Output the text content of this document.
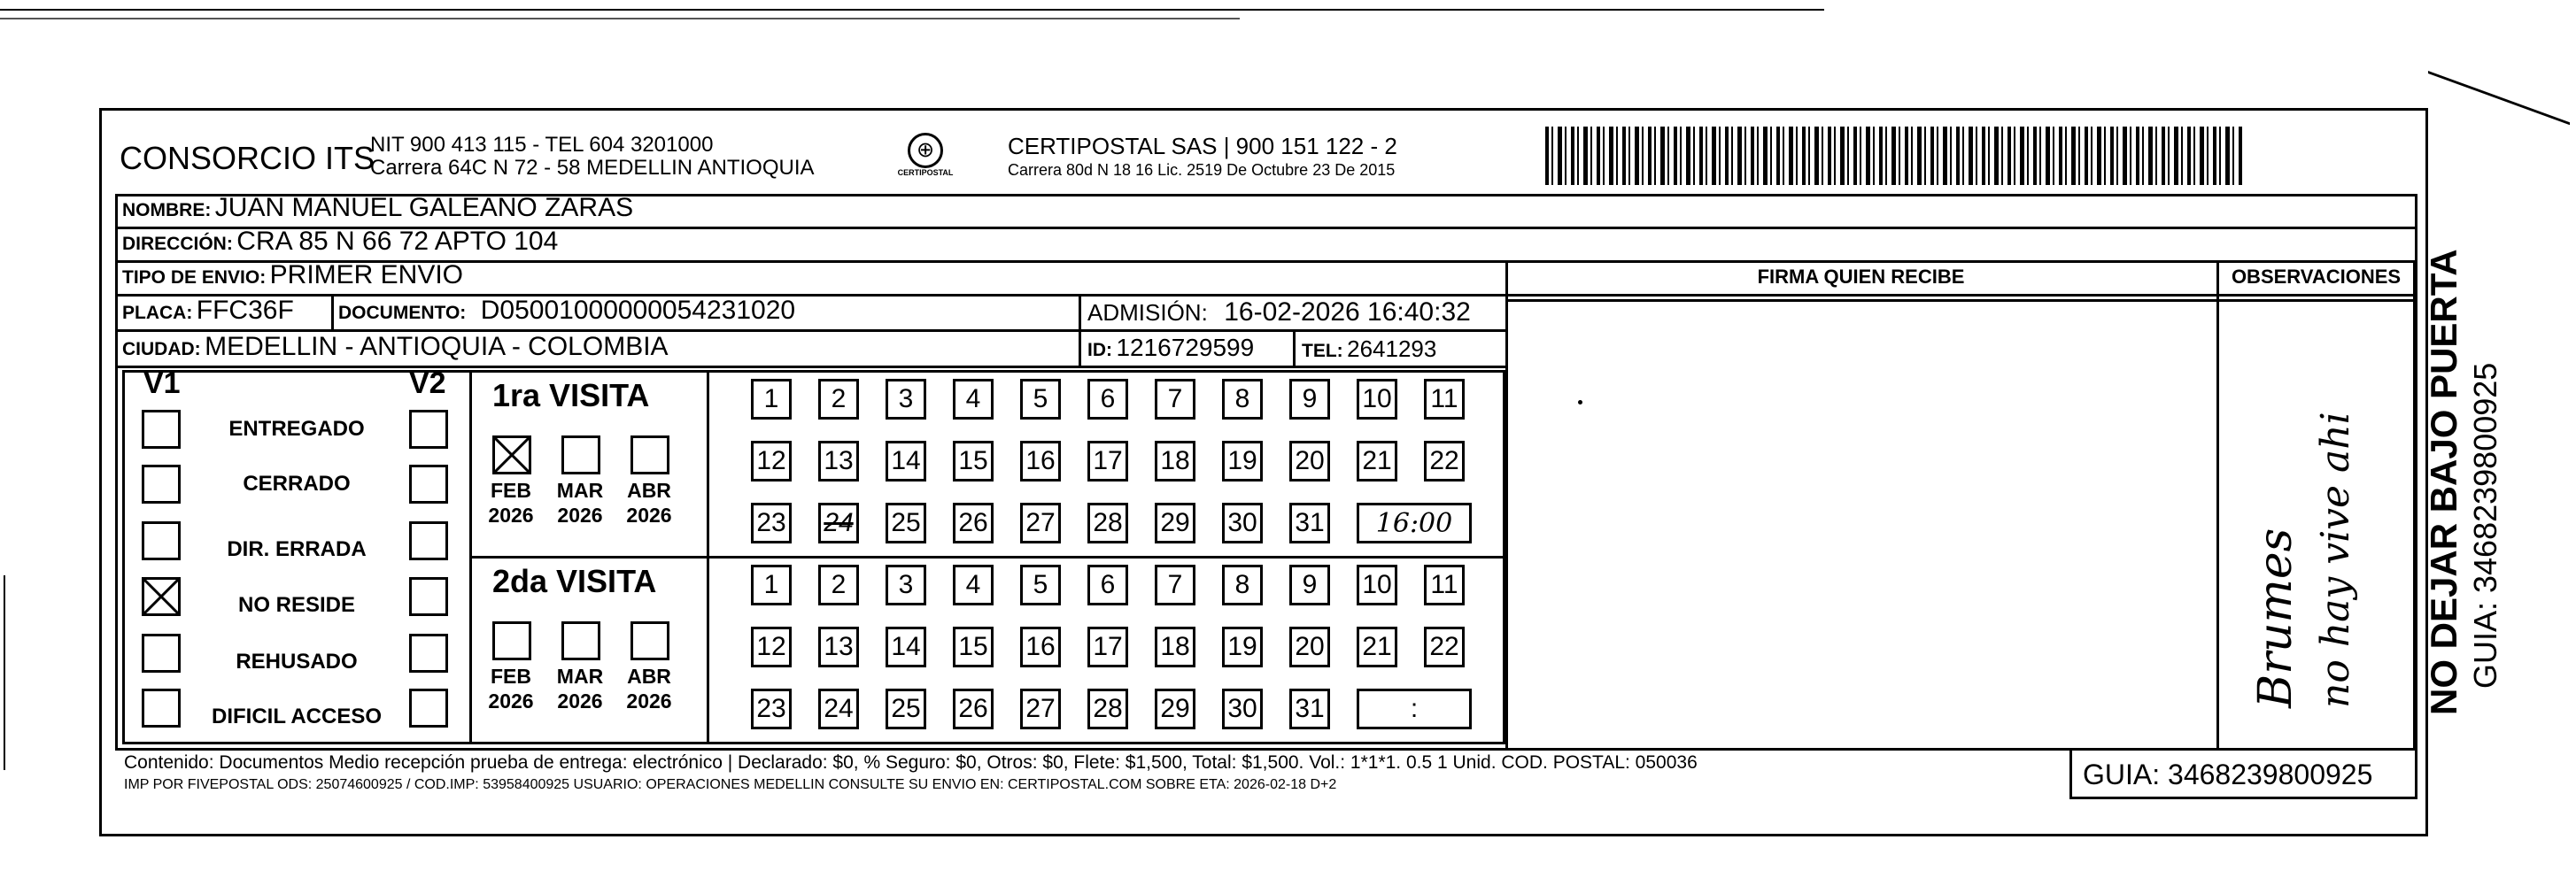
CONSORCIO ITS
NIT 900 413 115 - TEL 604 3201000
Carrera 64C N 72 - 58 MEDELLIN ANTIOQUIA
⊕
CERTIPOSTAL
CERTIPOSTAL SAS | 900 151 122 - 2
Carrera 80d N 18 16 Lic. 2519 De Octubre 23 De 2015
NOMBRE: JUAN MANUEL GALEANO ZARAS
DIRECCIÓN: CRA 85 N 66 72 APTO 104
TIPO DE ENVIO: PRIMER ENVIO
PLACA: FFC36F DOCUMENTO: D05001000000054231020	ADMISIÓN: 16-02-2026 16:40:32
CIUDAD: MEDELLIN - ANTIOQUIA - COLOMBIA	ID: 1216729599	TEL: 2641293
FIRMA QUIEN RECIBE	OBSERVACIONES
V1	V2
ENTREGADO
CERRADO
DIR. ERRADA
NO RESIDE
REHUSADO
DIFICIL ACCESO
1ra VISITA
FEB
2026
MAR
2026
ABR
2026
1	2	3	4	5	6	7	8	9	10 11
12 13 14 15 16 17 18 19 20 21 22
23 24 25 26 27 28 29 30 31	16:00
2da VISITA
FEB
2026
MAR
2026
ABR
2026
1	2	3	4	5	6	7	8	9	10 11
12 13 14 15 16 17 18 19 20 21 22
23 24 25 26 27 28 29 30 31	:
Brumes no hay vive ahi NO DEJAR BAJO PUERTA GUIA: 3468239800925
Contenido: Documentos Medio recepción prueba de entrega: electrónico | Declarado: $0, % Seguro: $0, Otros: $0, Flete: $1,500, Total: $1,500. Vol.: 1*1*1. 0.5 1 Unid. COD. POSTAL: 050036
IMP POR FIVEPOSTAL ODS: 25074600925 / COD.IMP: 53958400925 USUARIO: OPERACIONES MEDELLIN CONSULTE SU ENVIO EN: CERTIPOSTAL.COM SOBRE ETA: 2026-02-18 D+2	GUIA: 3468239800925
